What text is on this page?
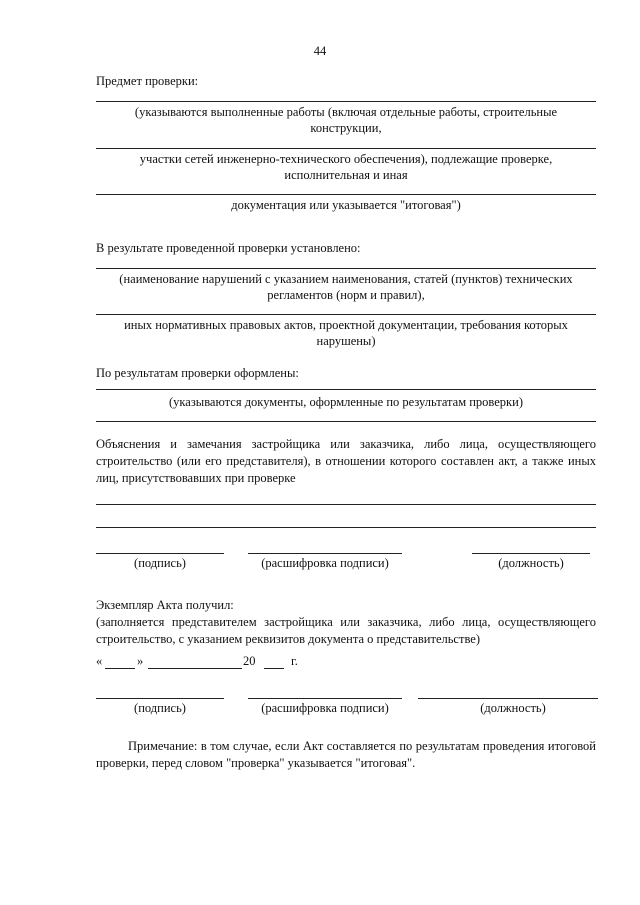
44
Предмет проверки:
(указываются выполненные работы (включая отдельные работы, строительные
конструкции,
участки сетей инженерно-технического обеспечения), подлежащие проверке,
исполнительная и иная
документация или указывается "итоговая")
В результате проведенной проверки установлено:
(наименование нарушений с указанием наименования, статей (пунктов) технических
регламентов (норм и правил),
иных нормативных правовых актов, проектной документации, требования которых
нарушены)
По результатам проверки оформлены:
(указываются документы, оформленные по результатам проверки)
Объяснения и замечания застройщика или заказчика, либо лица, осуществляющего строительство (или его представителя), в отношении которого составлен акт, а также иных лиц, присутствовавших при проверке
(подпись)	(расшифровка подписи)	(должность)
Экземпляр Акта получил:
(заполняется представителем застройщика или заказчика, либо лица, осуществляющего строительство, с указанием реквизитов документа о представительстве)
«	»	20	г.
(подпись)	(расшифровка подписи)	(должность)
Примечание: в том случае, если Акт составляется по результатам проведения итоговой проверки, перед словом "проверка" указывается "итоговая".
